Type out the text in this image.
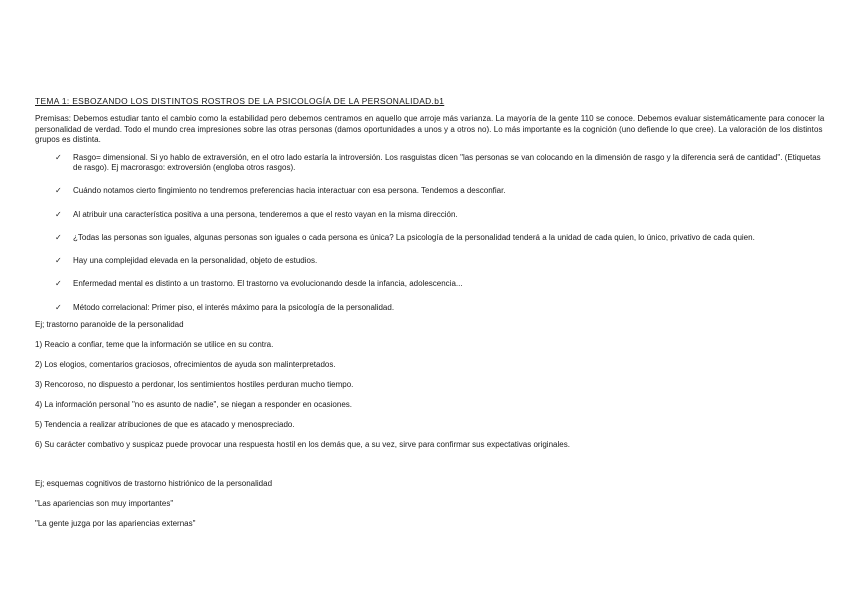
TEMA 1: ESBOZANDO LOS DISTINTOS ROSTROS DE LA PSICOLOGÍA DE LA PERSONALIDAD.b1

Premisas: Debemos estudiar tanto el cambio como la estabilidad pero debemos centramos en aquello que arroje más varianza. La mayoría de la gente 110 se conoce. Debemos evaluar sistemáticamente para conocer la personalidad de verdad. Todo el mundo crea impresiones sobre las otras personas (damos oportunidades a unos y a otros no). Lo más importante es la cognición (uno defiende lo que cree). La valoración de los distintos grupos es distinta.

✓ Rasgo= dimensional. Si yo hablo de extraversión, en el otro lado estaría la introversión. Los rasguistas dicen "las personas se van colocando en la dimensión de rasgo y la diferencia será de cantidad". (Etiquetas de rasgo). Ej macrorasgo: extroversión (engloba otros rasgos).
✓ Cuándo notamos cierto fingimiento no tendremos preferencias hacia interactuar con esa persona. Tendemos a desconfiar.
✓ Al atribuir una característica positiva a una persona, tenderemos a que el resto vayan en la misma dirección.
✓ ¿Todas las personas son iguales, algunas personas son iguales o cada persona es única? La psicología de la personalidad tenderá a la unidad de cada quien, lo único, privativo de cada quien.
✓ Hay una complejidad elevada en la personalidad, objeto de estudios.
✓ Enfermedad mental es distinto a un trastorno. El trastorno va evolucionando desde la infancia, adolescencia...
✓ Método correlacional: Primer piso, el interés máximo para la psicología de la personalidad.
Ej; trastorno paranoide de la personalidad
1) Reacio a confiar, teme que la información se utilice en su contra.
2) Los elogios, comentarios graciosos, ofrecimientos de ayuda son malinterpretados.
3) Rencoroso, no dispuesto a perdonar, los sentimientos hostiles perduran mucho tiempo.
4) La información personal "no es asunto de nadie", se niegan a responder en ocasiones.
5) Tendencia a realizar atribuciones de que es atacado y menospreciado.
6) Su carácter combativo y suspicaz puede provocar una respuesta hostil en los demás que, a su vez, sirve para confirmar sus expectativas originales.
Ej; esquemas cognitivos de trastorno histriónico de la personalidad
"Las apariencias son muy importantes"
"La gente juzga por las apariencias externas"
